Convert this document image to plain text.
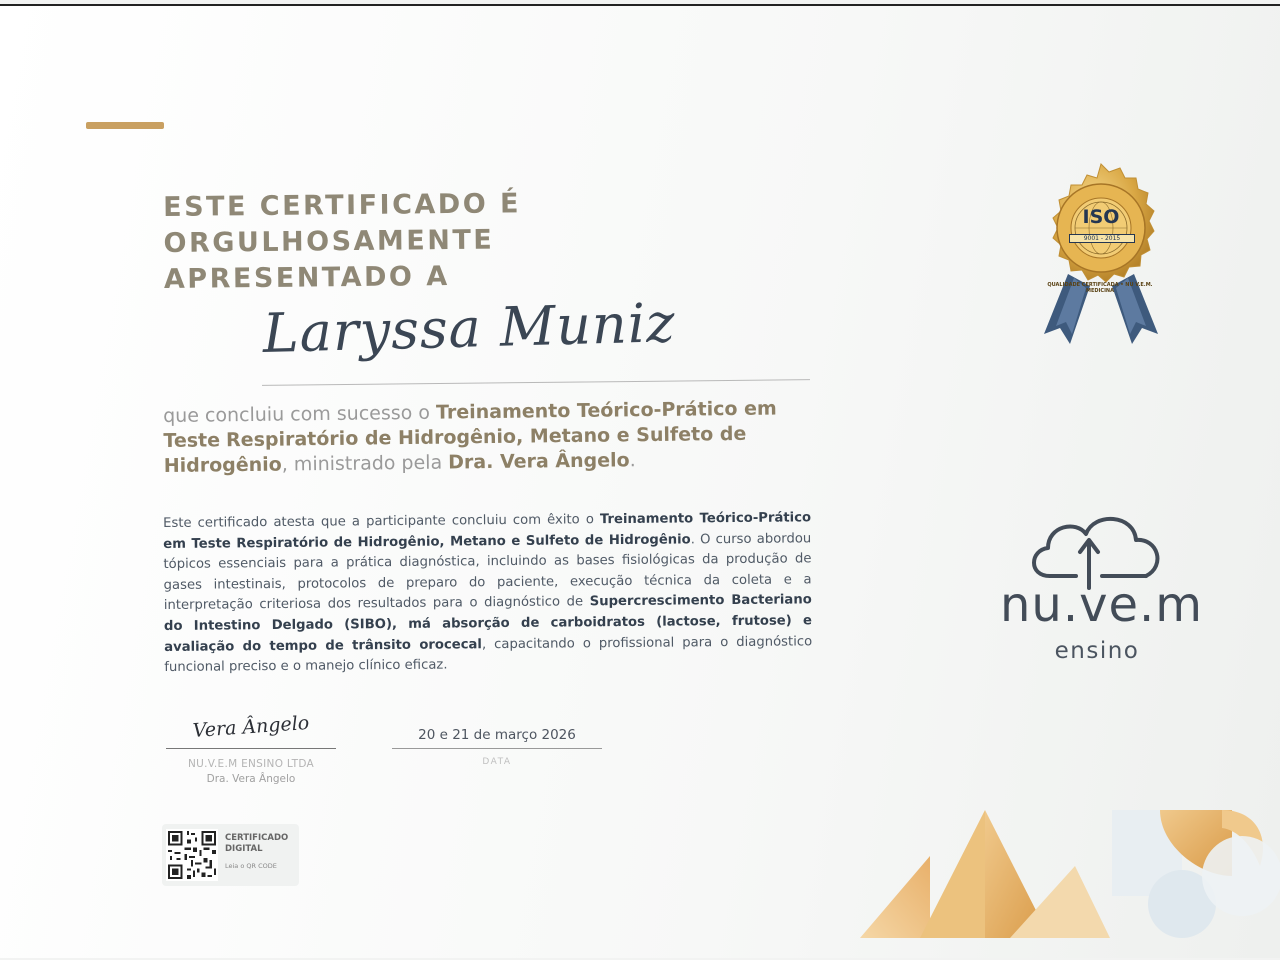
ESTE CERTIFICADO É ORGULHOSAMENTE
APRESENTADO A
Laryssa Muniz
que concluiu com sucesso o Treinamento Teórico-Prático em Teste Respiratório de Hidrogênio, Metano e Sulfeto de Hidrogênio, ministrado pela Dra. Vera Ângelo.
Este certificado atesta que a participante concluiu com êxito o Treinamento Teórico-Prático em Teste Respiratório de Hidrogênio, Metano e Sulfeto de Hidrogênio. O curso abordou tópicos essenciais para a prática diagnóstica, incluindo as bases fisiológicas da produção de gases intestinais, protocolos de preparo do paciente, execução técnica da coleta e a interpretação criteriosa dos resultados para o diagnóstico de Supercrescimento Bacteriano do Intestino Delgado (SIBO), má absorção de carboidratos (lactose, frutose) e avaliação do tempo de trânsito orocecal, capacitando o profissional para o diagnóstico funcional preciso e o manejo clínico eficaz.
Vera Ângelo
NU.V.E.M ENSINO LTDA
Dra. Vera Ângelo
20 e 21 de março 2026
DATA
CERTIFICADO DIGITAL
Leia o QR CODE
ISO
9001 - 2015
QUALIDADE CERTIFICADA • NU V.E.M. MEDICINA
nu.ve.m
ensino
